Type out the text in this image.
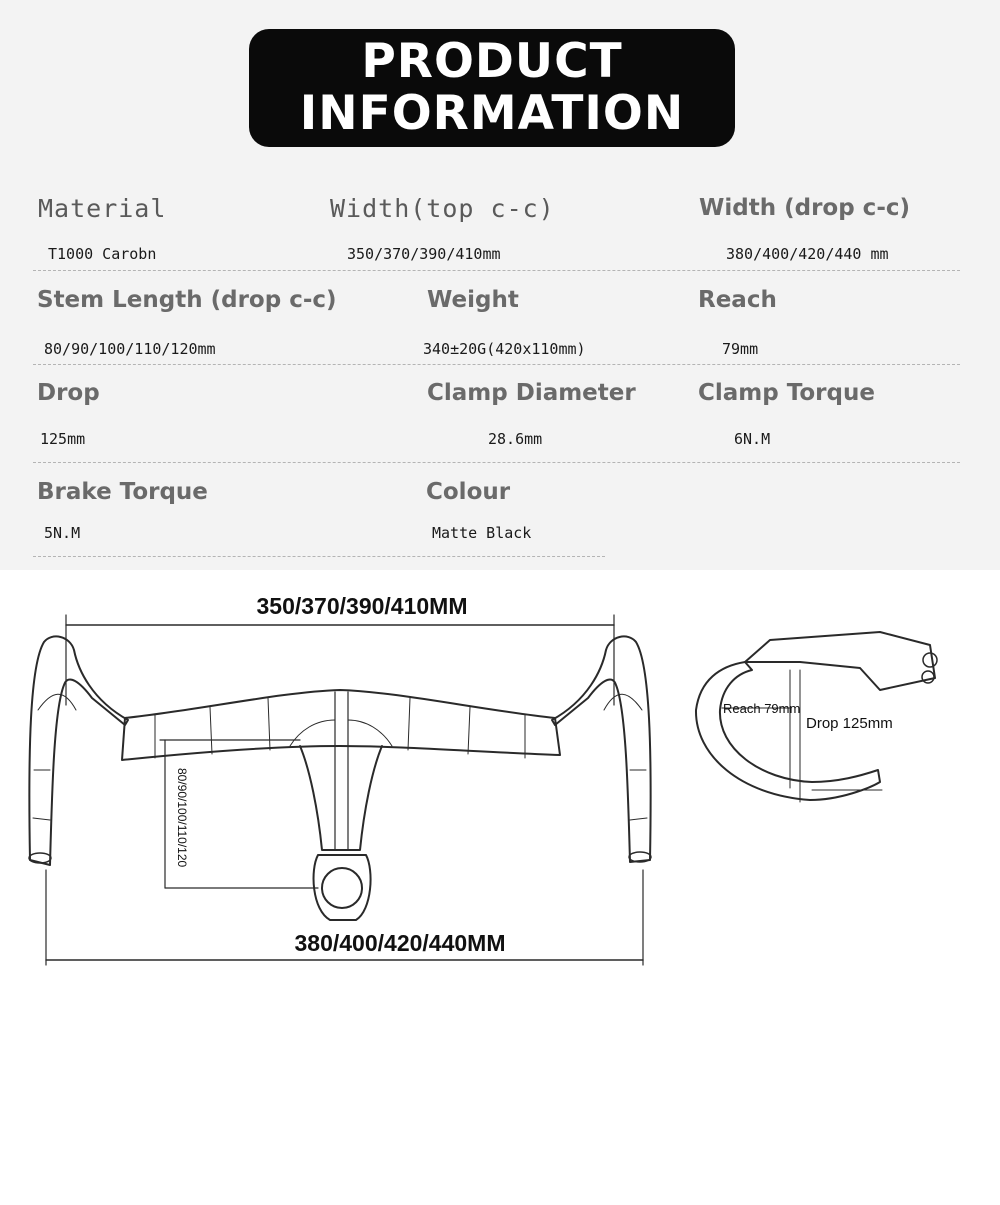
PRODUCT
INFORMATION
Material
T1000 Carobn
Width(top c-c)
350/370/390/410mm
Width (drop c-c)
380/400/420/440 mm
Stem Length (drop c-c)
80/90/100/110/120mm
Weight
340±20G(420x110mm)
Reach
79mm
Drop
125mm
Clamp Diameter
28.6mm
Clamp Torque
6N.M
Brake Torque
5N.M
Colour
Matte Black
350/370/390/410MM
380/400/420/440MM
80/90/100/110/120
Reach 79mm
Drop 125mm
